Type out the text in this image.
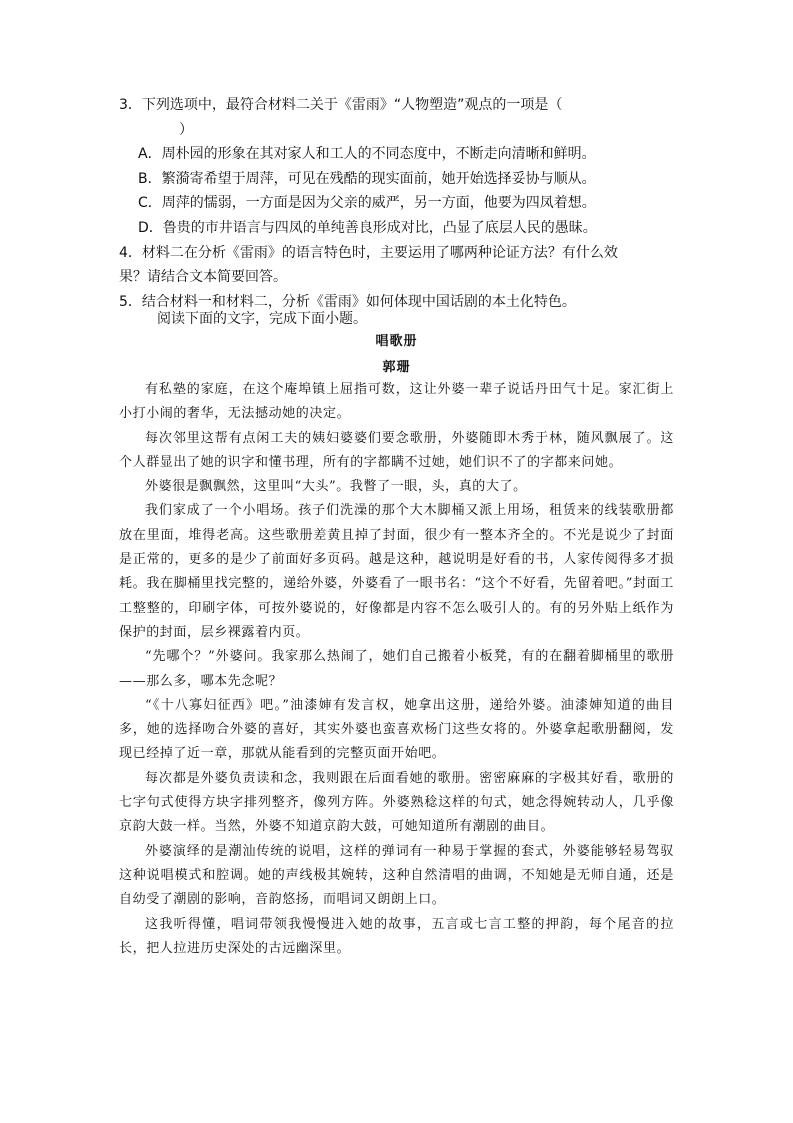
3．下列选项中，最符合材料二关于《雷雨》“人物塑造”观点的一项是（
）
A．周朴园的形象在其对家人和工人的不同态度中，不断走向清晰和鲜明。
B．繁漪寄希望于周萍，可见在残酷的现实面前，她开始选择妥协与顺从。
C．周萍的懦弱，一方面是因为父亲的威严，另一方面，他要为四凤着想。
D．鲁贵的市井语言与四凤的单纯善良形成对比，凸显了底层人民的愚昧。
4．材料二在分析《雷雨》的语言特色时，主要运用了哪两种论证方法？有什么效
果？请结合文本简要回答。
5．结合材料一和材料二，分析《雷雨》如何体现中国话剧的本土化特色。
阅读下面的文字，完成下面小题。
唱歌册
郭珊

有私塾的家庭，在这个庵埠镇上屈指可数，这让外婆一辈子说话丹田气十足。家汇街上小打小闹的奢华，无法撼动她的决定。

每次邻里这帮有点闲工夫的姨妇婆婆们要念歌册，外婆随即木秀于林，随风飘展了。这个人群显出了她的识字和懂书理，所有的字都瞒不过她，她们识不了的字都来问她。

外婆很是飘飘然，这里叫“大头”。我瞥了一眼，头，真的大了。

我们家成了一个小唱场。孩子们洗澡的那个大木脚桶又派上用场，租赁来的线装歌册都放在里面，堆得老高。这些歌册差黄且掉了封面，很少有一整本齐全的。不光是说少了封面是正常的，更多的是少了前面好多页码。越是这种，越说明是好看的书，人家传阅得多才损耗。我在脚桶里找完整的，递给外婆，外婆看了一眼书名：“这个不好看，先留着吧。”封面工工整整的，印刷字体，可按外婆说的，好像都是内容不怎么吸引人的。有的另外贴上纸作为保护的封面，层乡裸露着内页。

“先哪个？”外婆问。我家那么热闹了，她们自己搬着小板凳，有的在翻着脚桶里的歌册——那么多，哪本先念呢？

“《十八寡妇征西》吧。”油漆婶有发言权，她拿出这册，递给外婆。油漆婶知道的曲目多，她的选择吻合外婆的喜好，其实外婆也蛮喜欢杨门这些女将的。外婆拿起歌册翻阅，发现已经掉了近一章，那就从能看到的完整页面开始吧。

每次都是外婆负责读和念，我则跟在后面看她的歌册。密密麻麻的字极其好看，歌册的七字句式使得方块字排列整齐，像列方阵。外婆熟稔这样的句式，她念得婉转动人，几乎像京韵大鼓一样。当然，外婆不知道京韵大鼓，可她知道所有潮剧的曲目。

外婆演绎的是潮汕传统的说唱，这样的弹词有一种易于掌握的套式，外婆能够轻易驾驭这种说唱模式和腔调。她的声线极其婉转，这种自然清唱的曲调，不知她是无师自通，还是自幼受了潮剧的影响，音韵悠扬，而唱词又朗朗上口。

这我听得懂，唱词带领我慢慢进入她的故事，五言或七言工整的押韵，每个尾音的拉长，把人拉进历史深处的古远幽深里。
